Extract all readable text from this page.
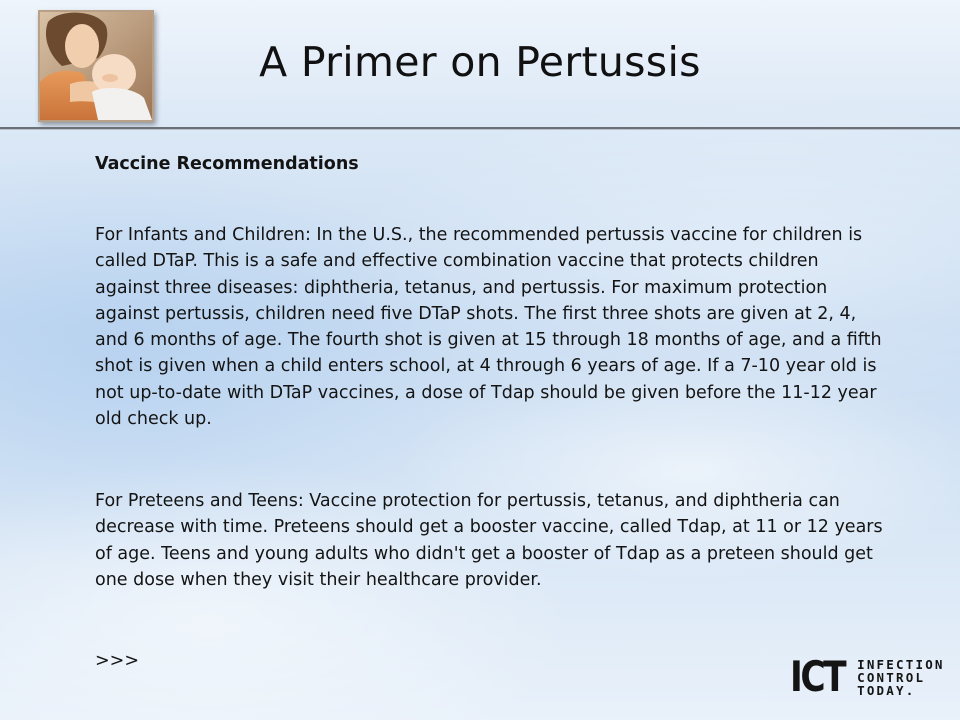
A Primer on Pertussis

Vaccine Recommendations

For Infants and Children: In the U.S., the recommended pertussis vaccine for children is called DTaP. This is a safe and effective combination vaccine that protects children against three diseases: diphtheria, tetanus, and pertussis. For maximum protection against pertussis, children need five DTaP shots. The first three shots are given at 2, 4, and 6 months of age. The fourth shot is given at 15 through 18 months of age, and a fifth shot is given when a child enters school, at 4 through 6 years of age. If a 7-10 year old is not up-to-date with DTaP vaccines, a dose of Tdap should be given before the 11-12 year old check up.

For Preteens and Teens: Vaccine protection for pertussis, tetanus, and diphtheria can decrease with time. Preteens should get a booster vaccine, called Tdap, at 11 or 12 years of age. Teens and young adults who didn't get a booster of Tdap as a preteen should get one dose when they visit their healthcare provider.

>>>	ICT INFECTION
CONTROL
TODAY.
